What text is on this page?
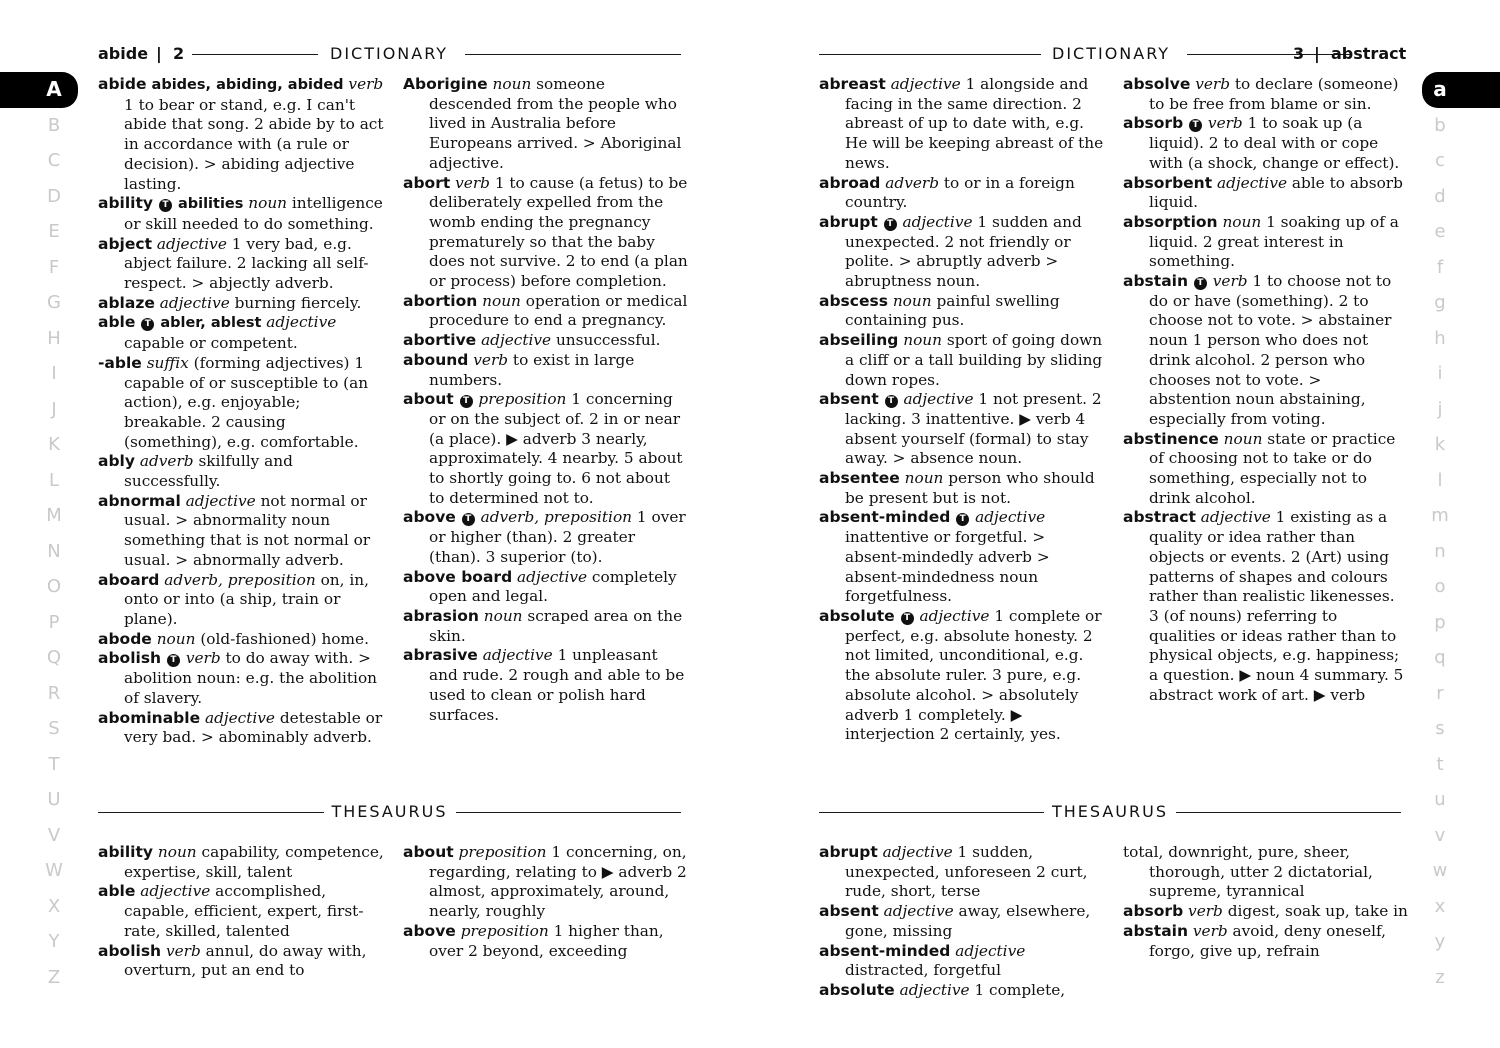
abide | 2	DICTIONARY
abide abides, abiding, abided verb 1 to bear or stand, e.g. I can't abide that song. 2 abide by to act in accordance with (a rule or decision). > abiding adjective lasting.
ability T abilities noun intelligence or skill needed to do something.
abject adjective 1 very bad, e.g. abject failure. 2 lacking all self-respect. > abjectly adverb.
ablaze adjective burning fiercely.
able T abler, ablest adjective capable or competent.
-able suffix (forming adjectives) 1 capable of or susceptible to (an action), e.g. enjoyable; breakable. 2 causing (something), e.g. comfortable.
ably adverb skilfully and successfully.
abnormal adjective not normal or usual. > abnormality noun something that is not normal or usual. > abnormally adverb.
aboard adverb, preposition on, in, onto or into (a ship, train or plane).
abode noun (old-fashioned) home.
abolish T verb to do away with. > abolition noun: e.g. the abolition of slavery.
abominable adjective detestable or very bad. > abominably adverb.
Aborigine noun someone descended from the people who lived in Australia before Europeans arrived. > Aboriginal adjective.
abort verb 1 to cause (a fetus) to be deliberately expelled from the womb ending the pregnancy prematurely so that the baby does not survive. 2 to end (a plan or process) before completion.
abortion noun operation or medical procedure to end a pregnancy.
abortive adjective unsuccessful.
abound verb to exist in large numbers.
about T preposition 1 concerning or on the subject of. 2 in or near (a place). ▶ adverb 3 nearly, approximately. 4 nearby. 5 about to shortly going to. 6 not about to determined not to.
above T adverb, preposition 1 over or higher (than). 2 greater (than). 3 superior (to).
above board adjective completely open and legal.
abrasion noun scraped area on the skin.
abrasive adjective 1 unpleasant and rude. 2 rough and able to be used to clean or polish hard surfaces.
THESAURUS
ability noun capability, competence, expertise, skill, talent
able adjective accomplished, capable, efficient, expert, first-rate, skilled, talented
abolish verb annul, do away with, overturn, put an end to
about preposition 1 concerning, on, regarding, relating to ▶ adverb 2 almost, approximately, around, nearly, roughly
above preposition 1 higher than, over 2 beyond, exceeding
DICTIONARY	3 | abstract
abreast adjective 1 alongside and facing in the same direction. 2 abreast of up to date with, e.g. He will be keeping abreast of the news.
abroad adverb to or in a foreign country.
abrupt T adjective 1 sudden and unexpected. 2 not friendly or polite. > abruptly adverb > abruptness noun.
abscess noun painful swelling containing pus.
abseiling noun sport of going down a cliff or a tall building by sliding down ropes.
absent T adjective 1 not present. 2 lacking. 3 inattentive. ▶ verb 4 absent yourself (formal) to stay away. > absence noun.
absentee noun person who should be present but is not.
absent-minded T adjective inattentive or forgetful. > absent-mindedly adverb > absent-mindedness noun forgetfulness.
absolute T adjective 1 complete or perfect, e.g. absolute honesty. 2 not limited, unconditional, e.g. the absolute ruler. 3 pure, e.g. absolute alcohol. > absolutely adverb 1 completely. ▶ interjection 2 certainly, yes.
absolve verb to declare (someone) to be free from blame or sin.
absorb T verb 1 to soak up (a liquid). 2 to deal with or cope with (a shock, change or effect).
absorbent adjective able to absorb liquid.
absorption noun 1 soaking up of a liquid. 2 great interest in something.
abstain T verb 1 to choose not to do or have (something). 2 to choose not to vote. > abstainer noun 1 person who does not drink alcohol. 2 person who chooses not to vote. > abstention noun abstaining, especially from voting.
abstinence noun state or practice of choosing not to take or do something, especially not to drink alcohol.
abstract adjective 1 existing as a quality or idea rather than objects or events. 2 (Art) using patterns of shapes and colours rather than realistic likenesses. 3 (of nouns) referring to qualities or ideas rather than to physical objects, e.g. happiness; a question. ▶ noun 4 summary. 5 abstract work of art. ▶ verb
THESAURUS
abrupt adjective 1 sudden, unexpected, unforeseen 2 curt, rude, short, terse
absent adjective away, elsewhere, gone, missing
absent-minded adjective distracted, forgetful
absolute adjective 1 complete,
total, downright, pure, sheer, thorough, utter 2 dictatorial, supreme, tyrannical
absorb verb digest, soak up, take in
abstain verb avoid, deny oneself, forgo, give up, refrain
A
B
C
D
E
F
G
H
I
J
K
L
M
N
O
P
Q
R
S
T
U
V
W
X
Y
Z
a
b
c
d
e
f
g
h
i
j
k
l
m
n
o
p
q
r
s
t
u
v
w
x
y
z
